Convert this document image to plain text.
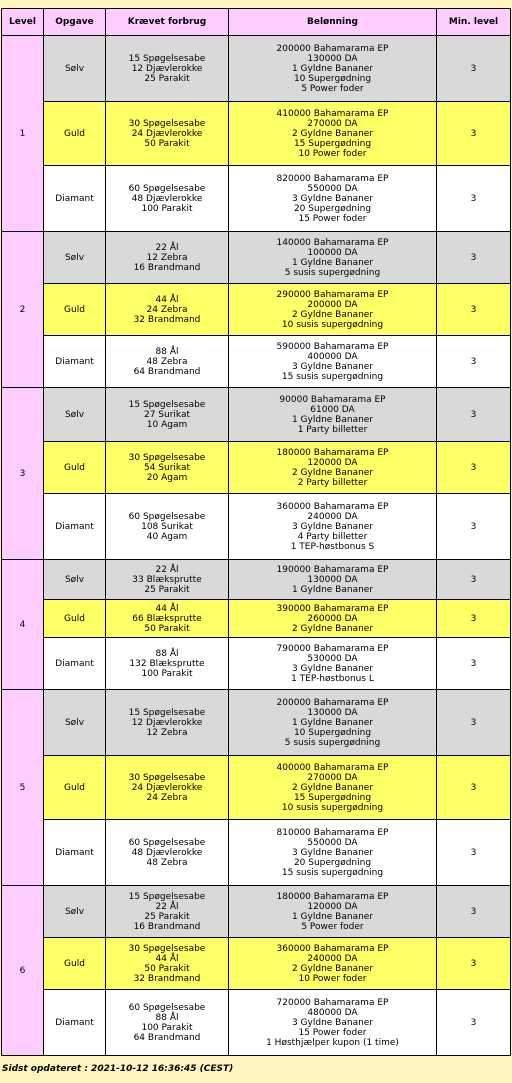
Level	Opgave	Krævet forbrug	Belønning	Min. level
1	Sølv	15 Spøgelsesabe
12 Djævlerokke
25 Parakit	200000 Bahamarama EP
130000 DA
1 Gyldne Bananer
10 Supergødning
5 Power foder	3
	Guld	30 Spøgelsesabe
24 Djævlerokke
50 Parakit	410000 Bahamarama EP
270000 DA
2 Gyldne Bananer
15 Supergødning
10 Power foder	3
	Diamant	60 Spøgelsesabe
48 Djævlerokke
100 Parakit	820000 Bahamarama EP
550000 DA
3 Gyldne Bananer
20 Supergødning
15 Power foder	3
2	Sølv	22 Ål
12 Zebra
16 Brandmand	140000 Bahamarama EP
100000 DA
1 Gyldne Bananer
5 susis supergødning	3
	Guld	44 Ål
24 Zebra
32 Brandmand	290000 Bahamarama EP
200000 DA
2 Gyldne Bananer
10 susis supergødning	3
	Diamant	88 Ål
48 Zebra
64 Brandmand	590000 Bahamarama EP
400000 DA
3 Gyldne Bananer
15 susis supergødning	3
3	Sølv	15 Spøgelsesabe
27 Surikat
10 Agam	90000 Bahamarama EP
61000 DA
1 Gyldne Bananer
1 Party billetter	3
	Guld	30 Spøgelsesabe
54 Surikat
20 Agam	180000 Bahamarama EP
120000 DA
2 Gyldne Bananer
2 Party billetter	3
	Diamant	60 Spøgelsesabe
108 Surikat
40 Agam	360000 Bahamarama EP
240000 DA
3 Gyldne Bananer
4 Party billetter
1 TEP-høstbonus S	3
4	Sølv	22 Ål
33 Blæksprutte
25 Parakit	190000 Bahamarama EP
130000 DA
1 Gyldne Bananer	3
	Guld	44 Ål
66 Blæksprutte
50 Parakit	390000 Bahamarama EP
260000 DA
2 Gyldne Bananer	3
	Diamant	88 Ål
132 Blæksprutte
100 Parakit	790000 Bahamarama EP
530000 DA
3 Gyldne Bananer
1 TEP-høstbonus L	3
5	Sølv	15 Spøgelsesabe
12 Djævlerokke
12 Zebra	200000 Bahamarama EP
130000 DA
1 Gyldne Bananer
10 Supergødning
5 susis supergødning	3
	Guld	30 Spøgelsesabe
24 Djævlerokke
24 Zebra	400000 Bahamarama EP
270000 DA
2 Gyldne Bananer
15 Supergødning
10 susis supergødning	3
	Diamant	60 Spøgelsesabe
48 Djævlerokke
48 Zebra	810000 Bahamarama EP
550000 DA
3 Gyldne Bananer
20 Supergødning
15 susis supergødning	3
6	Sølv	15 Spøgelsesabe
22 Ål
25 Parakit
16 Brandmand	180000 Bahamarama EP
120000 DA
1 Gyldne Bananer
5 Power foder	3
	Guld	30 Spøgelsesabe
44 Ål
50 Parakit
32 Brandmand	360000 Bahamarama EP
240000 DA
2 Gyldne Bananer
10 Power foder	3
	Diamant	60 Spøgelsesabe
88 Ål
100 Parakit
64 Brandmand	720000 Bahamarama EP
480000 DA
3 Gyldne Bananer
15 Power foder
1 Høsthjælper kupon (1 time)	3
Sidst opdateret : 2021-10-12 16:36:45 (CEST)
